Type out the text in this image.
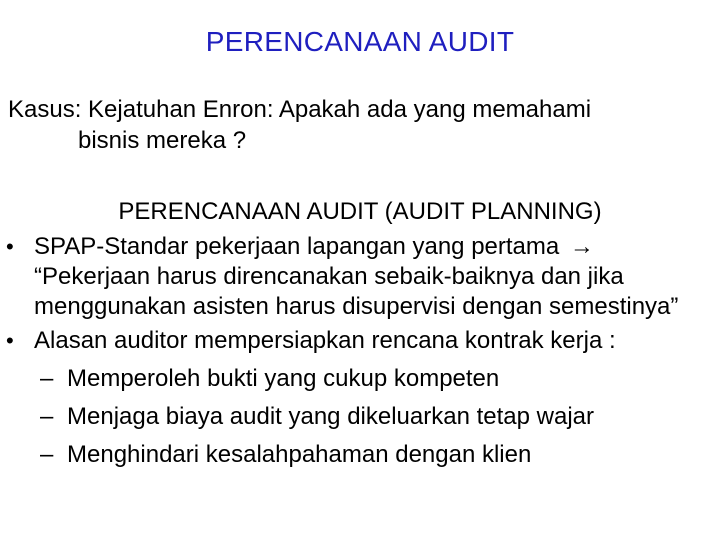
PERENCANAAN AUDIT
Kasus: Kejatuhan Enron: Apakah ada yang memahami
bisnis mereka ?
PERENCANAAN AUDIT (AUDIT PLANNING)
• SPAP-Standar pekerjaan lapangan yang pertama →
“Pekerjaan harus direncanakan sebaik-baiknya dan jika menggunakan asisten harus disupervisi dengan semestinya”
• Alasan auditor mempersiapkan rencana kontrak kerja :
– Memperoleh bukti yang cukup kompeten
– Menjaga biaya audit yang dikeluarkan tetap wajar
– Menghindari kesalahpahaman dengan klien
